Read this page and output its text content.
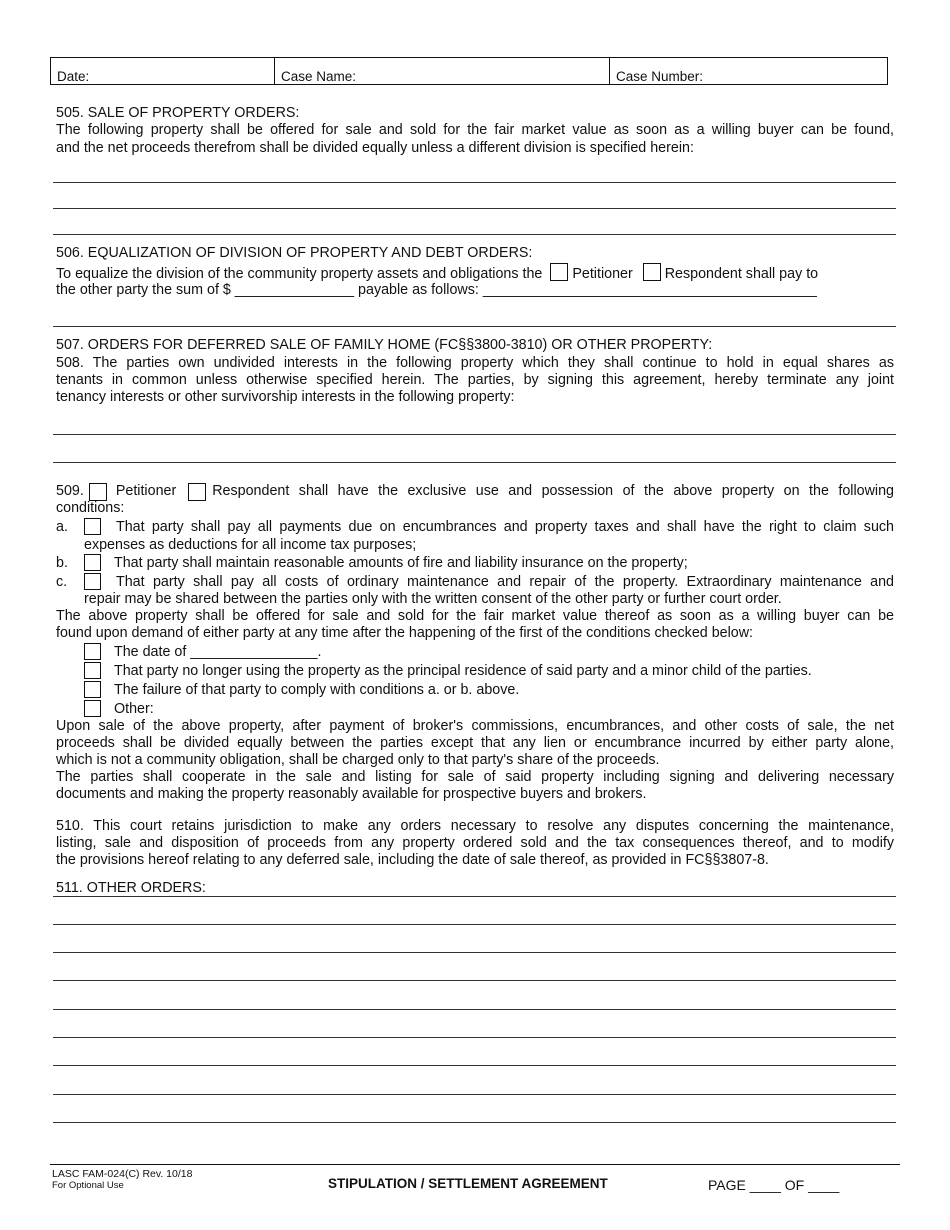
Date:	Case Name:	Case Number:
505. SALE OF PROPERTY ORDERS:
The following property shall be offered for sale and sold for the fair market value as soon as a willing buyer can be found,
and the net proceeds therefrom shall be divided equally unless a different division is specified herein:
506. EQUALIZATION OF DIVISION OF PROPERTY AND DEBT ORDERS:
To equalize the division of the community property assets and obligations the Petitioner Respondent shall pay to
the other party the sum of $ _______________ payable as follows: __________________________________________
507. ORDERS FOR DEFERRED SALE OF FAMILY HOME (FC§§3800-3810) OR OTHER PROPERTY:
508. The parties own undivided interests in the following property which they shall continue to hold in equal shares as
tenants in common unless otherwise specified herein. The parties, by signing this agreement, hereby terminate any joint
tenancy interests or other survivorship interests in the following property:
509. Petitioner	Respondent shall have the exclusive use and possession of the above property on the following
conditions:
a.	That party shall pay all payments due on encumbrances and property taxes and shall have the right to claim such
expenses as deductions for all income tax purposes;
b.	That party shall maintain reasonable amounts of fire and liability insurance on the property;
c.	That party shall pay all costs of ordinary maintenance and repair of the property. Extraordinary maintenance and
repair may be shared between the parties only with the written consent of the other party or further court order.
The above property shall be offered for sale and sold for the fair market value thereof as soon as a willing buyer can be
found upon demand of either party at any time after the happening of the first of the conditions checked below:
The date of ________________.
That party no longer using the property as the principal residence of said party and a minor child of the parties.
The failure of that party to comply with conditions a. or b. above.
Other:
Upon sale of the above property, after payment of broker's commissions, encumbrances, and other costs of sale, the net
proceeds shall be divided equally between the parties except that any lien or encumbrance incurred by either party alone,
which is not a community obligation, shall be charged only to that party's share of the proceeds.
The parties shall cooperate in the sale and listing for sale of said property including signing and delivering necessary
documents and making the property reasonably available for prospective buyers and brokers.
510. This court retains jurisdiction to make any orders necessary to resolve any disputes concerning the maintenance,
listing, sale and disposition of proceeds from any property ordered sold and the tax consequences thereof, and to modify
the provisions hereof relating to any deferred sale, including the date of sale thereof, as provided in FC§§3807-8.
511. OTHER ORDERS:
LASC FAM-024(C) Rev. 10/18
For Optional Use	STIPULATION / SETTLEMENT AGREEMENT	PAGE ____ OF ____
